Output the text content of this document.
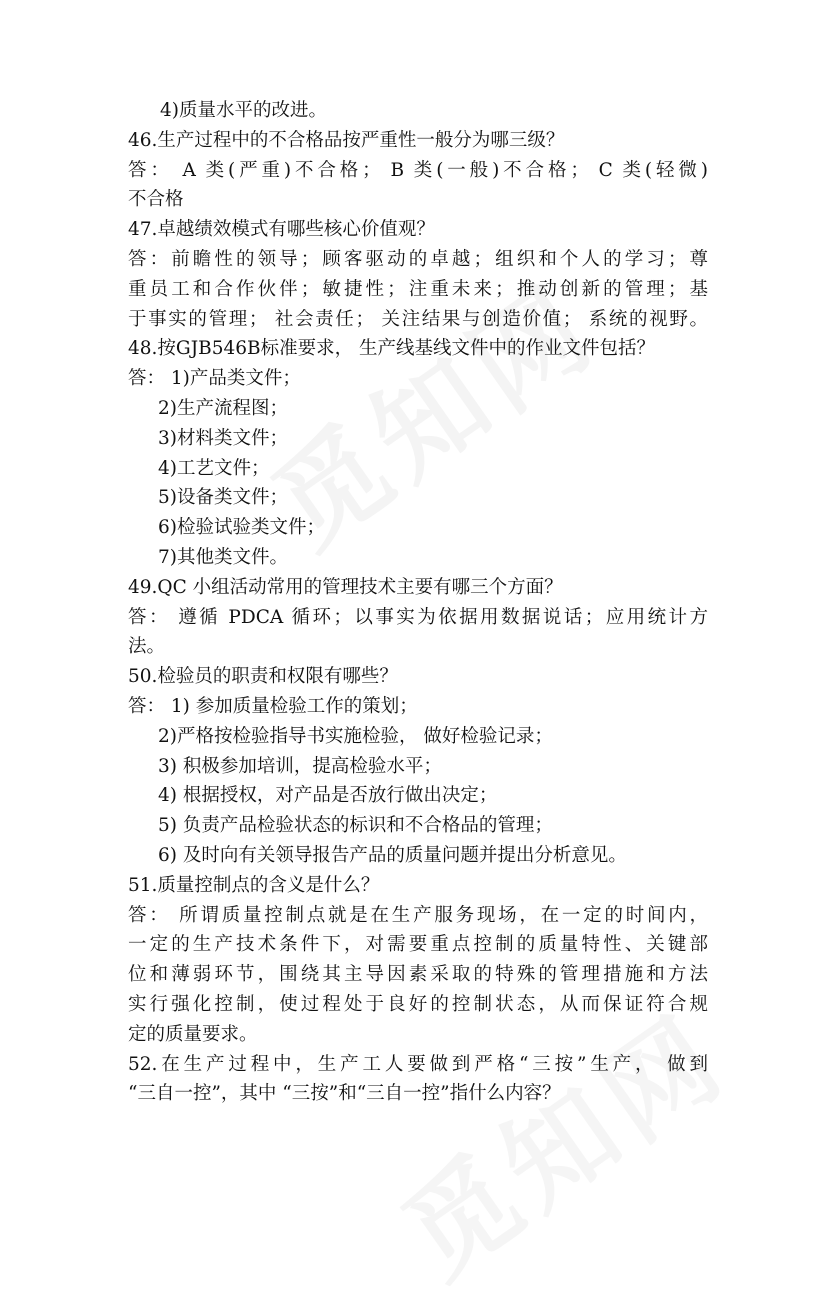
4)质量水平的改进。
46.生产过程中的不合格品按严重性一般分为哪三级？
答： A 类(严重)不合格； B 类(一般)不合格； C 类(轻微)
不合格
47.卓越绩效模式有哪些核心价值观？
答：前瞻性的领导；顾客驱动的卓越；组织和个人的学习；尊
重员工和合作伙伴；敏捷性；注重未来；推动创新的管理；基
于事实的管理； 社会责任； 关注结果与创造价值； 系统的视野。
48.按GJB546B标准要求， 生产线基线文件中的作业文件包括？
答： 1)产品类文件；
2)生产流程图；
3)材料类文件；
4)工艺文件；
5)设备类文件；
6)检验试验类文件；
7)其他类文件。
49.QC 小组活动常用的管理技术主要有哪三个方面？
答： 遵循 PDCA 循环；以事实为依据用数据说话；应用统计方
法。
50.检验员的职责和权限有哪些？
答： 1) 参加质量检验工作的策划；
2)严格按检验指导书实施检验， 做好检验记录；
3) 积极参加培训，提高检验水平；
4) 根据授权，对产品是否放行做出决定；
5) 负责产品检验状态的标识和不合格品的管理；
6) 及时向有关领导报告产品的质量问题并提出分析意见。
51.质量控制点的含义是什么？
答： 所谓质量控制点就是在生产服务现场，在一定的时间内，
一定的生产技术条件下，对需要重点控制的质量特性、关键部
位和薄弱环节，围绕其主导因素采取的特殊的管理措施和方法
实行强化控制，使过程处于良好的控制状态，从而保证符合规
定的质量要求。
52.在生产过程中，生产工人要做到严格“三按”生产， 做到
“三自一控”，其中 “三按”和“三自一控”指什么内容？
